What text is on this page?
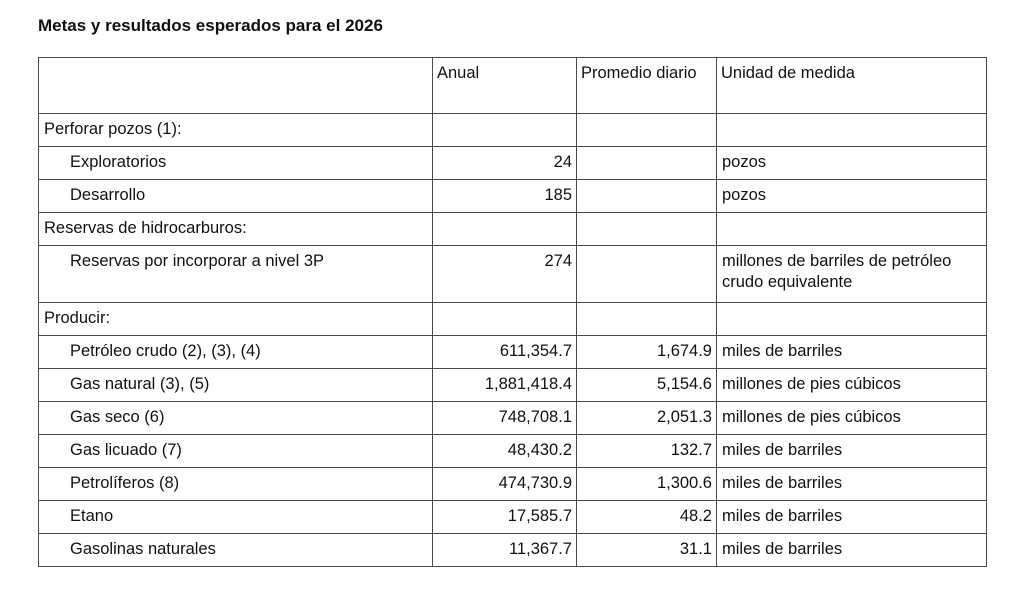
Metas y resultados esperados para el 2026

	Anual	Promedio diario	Unidad de medida

Perforar pozos (1):			

Exploratorios	24		pozos

Desarrollo	185		pozos

Reservas de hidrocarburos:			

Reservas por incorporar a nivel 3P	274		millones de barriles de petróleo crudo equivalente

Producir:			

Petróleo crudo (2), (3), (4)	611,354.7	1,674.9	miles de barriles

Gas natural (3), (5)	1,881,418.4	5,154.6	millones de pies cúbicos

Gas seco (6)	748,708.1	2,051.3	millones de pies cúbicos

Gas licuado (7)	48,430.2	132.7	miles de barriles

Petrolíferos (8)	474,730.9	1,300.6	miles de barriles

Etano	17,585.7	48.2	miles de barriles

Gasolinas naturales	11,367.7	31.1	miles de barriles
